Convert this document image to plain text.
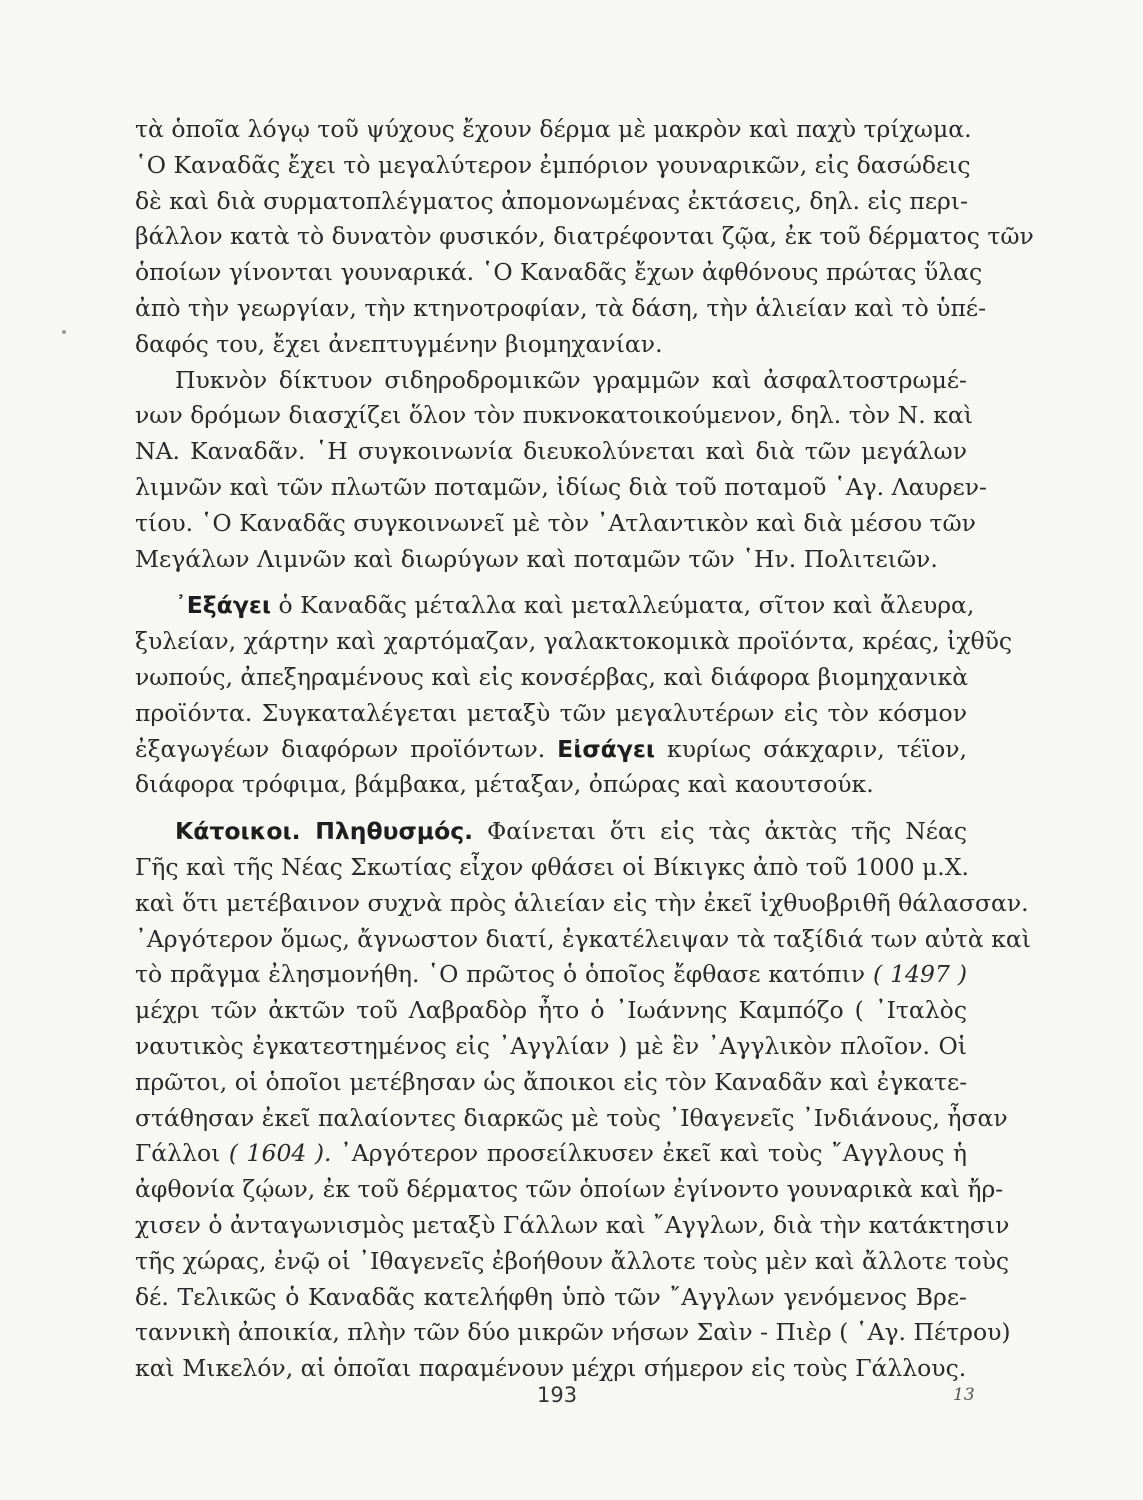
τὰ ὁποῖα λόγῳ τοῦ ψύχους ἔχουν δέρμα μὲ μακρὸν καὶ παχὺ τρίχωμα.
῾Ο Καναδᾶς ἔχει τὸ μεγαλύτερον ἐμπόριον γουναρικῶν, εἰς δασώδεις
δὲ καὶ διὰ συρματοπλέγματος ἀπομονωμένας ἐκτάσεις, δηλ. εἰς περι-
βάλλον κατὰ τὸ δυνατὸν φυσικόν, διατρέφονται ζῷα, ἐκ τοῦ δέρματος τῶν
ὁποίων γίνονται γουναρικά. ῾Ο Καναδᾶς ἔχων ἀφθόνους πρώτας ὕλας
ἀπὸ τὴν γεωργίαν, τὴν κτηνοτροφίαν, τὰ δάση, τὴν ἁλιείαν καὶ τὸ ὑπέ-
δαφός του, ἔχει ἀνεπτυγμένην βιομηχανίαν.
Πυκνὸν δίκτυον σιδηροδρομικῶν γραμμῶν καὶ ἀσφαλτοστρωμέ-
νων δρόμων διασχίζει ὅλον τὸν πυκνοκατοικούμενον, δηλ. τὸν Ν. καὶ
ΝΑ. Καναδᾶν. ῾Η συγκοινωνία διευκολύνεται καὶ διὰ τῶν μεγάλων
λιμνῶν καὶ τῶν πλωτῶν ποταμῶν, ἰδίως διὰ τοῦ ποταμοῦ ῾Αγ. Λαυρεν-
τίου. ῾Ο Καναδᾶς συγκοινωνεῖ μὲ τὸν ᾿Ατλαντικὸν καὶ διὰ μέσου τῶν
Μεγάλων Λιμνῶν καὶ διωρύγων καὶ ποταμῶν τῶν ῾Ην. Πολιτειῶν.
᾿Εξάγει ὁ Καναδᾶς μέταλλα καὶ μεταλλεύματα, σῖτον καὶ ἄλευρα,
ξυλείαν, χάρτην καὶ χαρτόμαζαν, γαλακτοκομικὰ προϊόντα, κρέας, ἰχθῦς
νωπούς, ἀπεξηραμένους καὶ εἰς κονσέρβας, καὶ διάφορα βιομηχανικὰ
προϊόντα. Συγκαταλέγεται μεταξὺ τῶν μεγαλυτέρων εἰς τὸν κόσμον
ἐξαγωγέων διαφόρων προϊόντων. Εἰσάγει κυρίως σάκχαριν, τέϊον,
διάφορα τρόφιμα, βάμβακα, μέταξαν, ὀπώρας καὶ καουτσούκ.
Κάτοικοι. Πληθυσμός. Φαίνεται ὅτι εἰς τὰς ἀκτὰς τῆς Νέας
Γῆς καὶ τῆς Νέας Σκωτίας εἶχον φθάσει οἱ Βίκιγκς ἀπὸ τοῦ 1000 μ.Χ.
καὶ ὅτι μετέβαινον συχνὰ πρὸς ἁλιείαν εἰς τὴν ἐκεῖ ἰχθυοβριθῆ θάλασσαν.
᾿Αργότερον ὅμως, ἄγνωστον διατί, ἐγκατέλειψαν τὰ ταξίδιά των αὐτὰ καὶ
τὸ πρᾶγμα ἐλησμονήθη. ῾Ο πρῶτος ὁ ὁποῖος ἔφθασε κατόπιν ( 1497 )
μέχρι τῶν ἀκτῶν τοῦ Λαβραδὸρ ἦτο ὁ ᾿Ιωάννης Καμπόζο ( ᾿Ιταλὸς
ναυτικὸς ἐγκατεστημένος εἰς ᾿Αγγλίαν ) μὲ ἓν ᾿Αγγλικὸν πλοῖον. Οἱ
πρῶτοι, οἱ ὁποῖοι μετέβησαν ὡς ἄποικοι εἰς τὸν Καναδᾶν καὶ ἐγκατε-
στάθησαν ἐκεῖ παλαίοντες διαρκῶς μὲ τοὺς ᾿Ιθαγενεῖς ᾿Ινδιάνους, ἦσαν
Γάλλοι ( 1604 ). ᾿Αργότερον προσείλκυσεν ἐκεῖ καὶ τοὺς ῎Αγγλους ἡ
ἀφθονία ζῴων, ἐκ τοῦ δέρματος τῶν ὁποίων ἐγίνοντο γουναρικὰ καὶ ἤρ-
χισεν ὁ ἀνταγωνισμὸς μεταξὺ Γάλλων καὶ ῎Αγγλων, διὰ τὴν κατάκτησιν
τῆς χώρας, ἐνῷ οἱ ᾿Ιθαγενεῖς ἐβοήθουν ἄλλοτε τοὺς μὲν καὶ ἄλλοτε τοὺς
δέ. Τελικῶς ὁ Καναδᾶς κατελήφθη ὑπὸ τῶν ῎Αγγλων γενόμενος Βρε-
ταννικὴ ἀποικία, πλὴν τῶν δύο μικρῶν νήσων Σαὶν - Πιὲρ ( ῾Αγ. Πέτρου)
καὶ Μικελόν, αἱ ὁποῖαι παραμένουν μέχρι σήμερον εἰς τοὺς Γάλλους.
193	13
